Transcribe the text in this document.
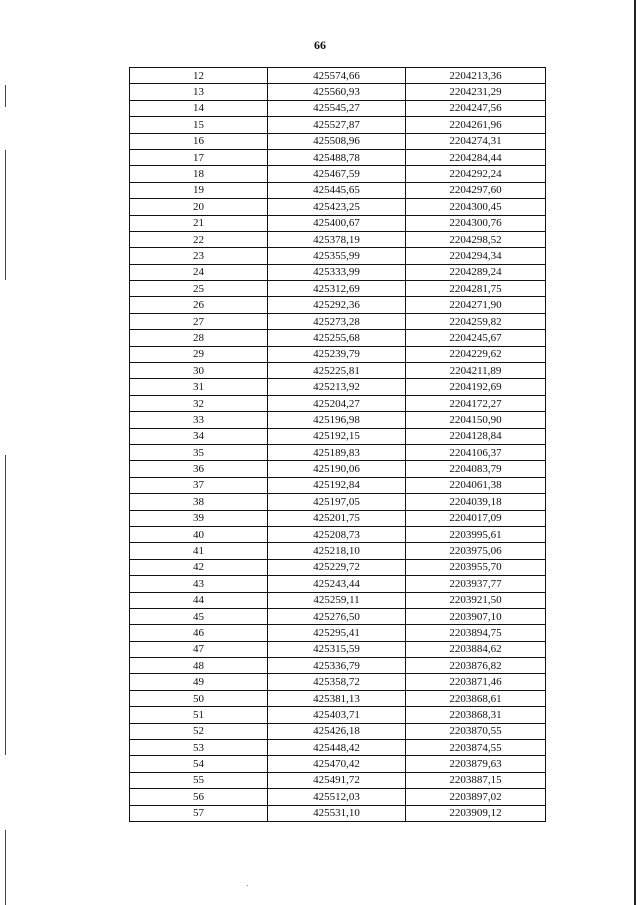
66
12	425574,66	2204213,36
13	425560,93	2204231,29
14	425545,27	2204247,56
15	425527,87	2204261,96
16	425508,96	2204274,31
17	425488,78	2204284,44
18	425467,59	2204292,24
19	425445,65	2204297,60
20	425423,25	2204300,45
21	425400,67	2204300,76
22	425378,19	2204298,52
23	425355,99	2204294,34
24	425333,99	2204289,24
25	425312,69	2204281,75
26	425292,36	2204271,90
27	425273,28	2204259,82
28	425255,68	2204245,67
29	425239,79	2204229,62
30	425225,81	2204211,89
31	425213,92	2204192,69
32	425204,27	2204172,27
33	425196,98	2204150,90
34	425192,15	2204128,84
35	425189,83	2204106,37
36	425190,06	2204083,79
37	425192,84	2204061,38
38	425197,05	2204039,18
39	425201,75	2204017,09
40	425208,73	2203995,61
41	425218,10	2203975,06
42	425229,72	2203955,70
43	425243,44	2203937,77
44	425259,11	2203921,50
45	425276,50	2203907,10
46	425295,41	2203894,75
47	425315,59	2203884,62
48	425336,79	2203876,82
49	425358,72	2203871,46
50	425381,13	2203868,61
51	425403,71	2203868,31
52	425426,18	2203870,55
53	425448,42	2203874,55
54	425470,42	2203879,63
55	425491,72	2203887,15
56	425512,03	2203897,02
57	425531,10	2203909,12
